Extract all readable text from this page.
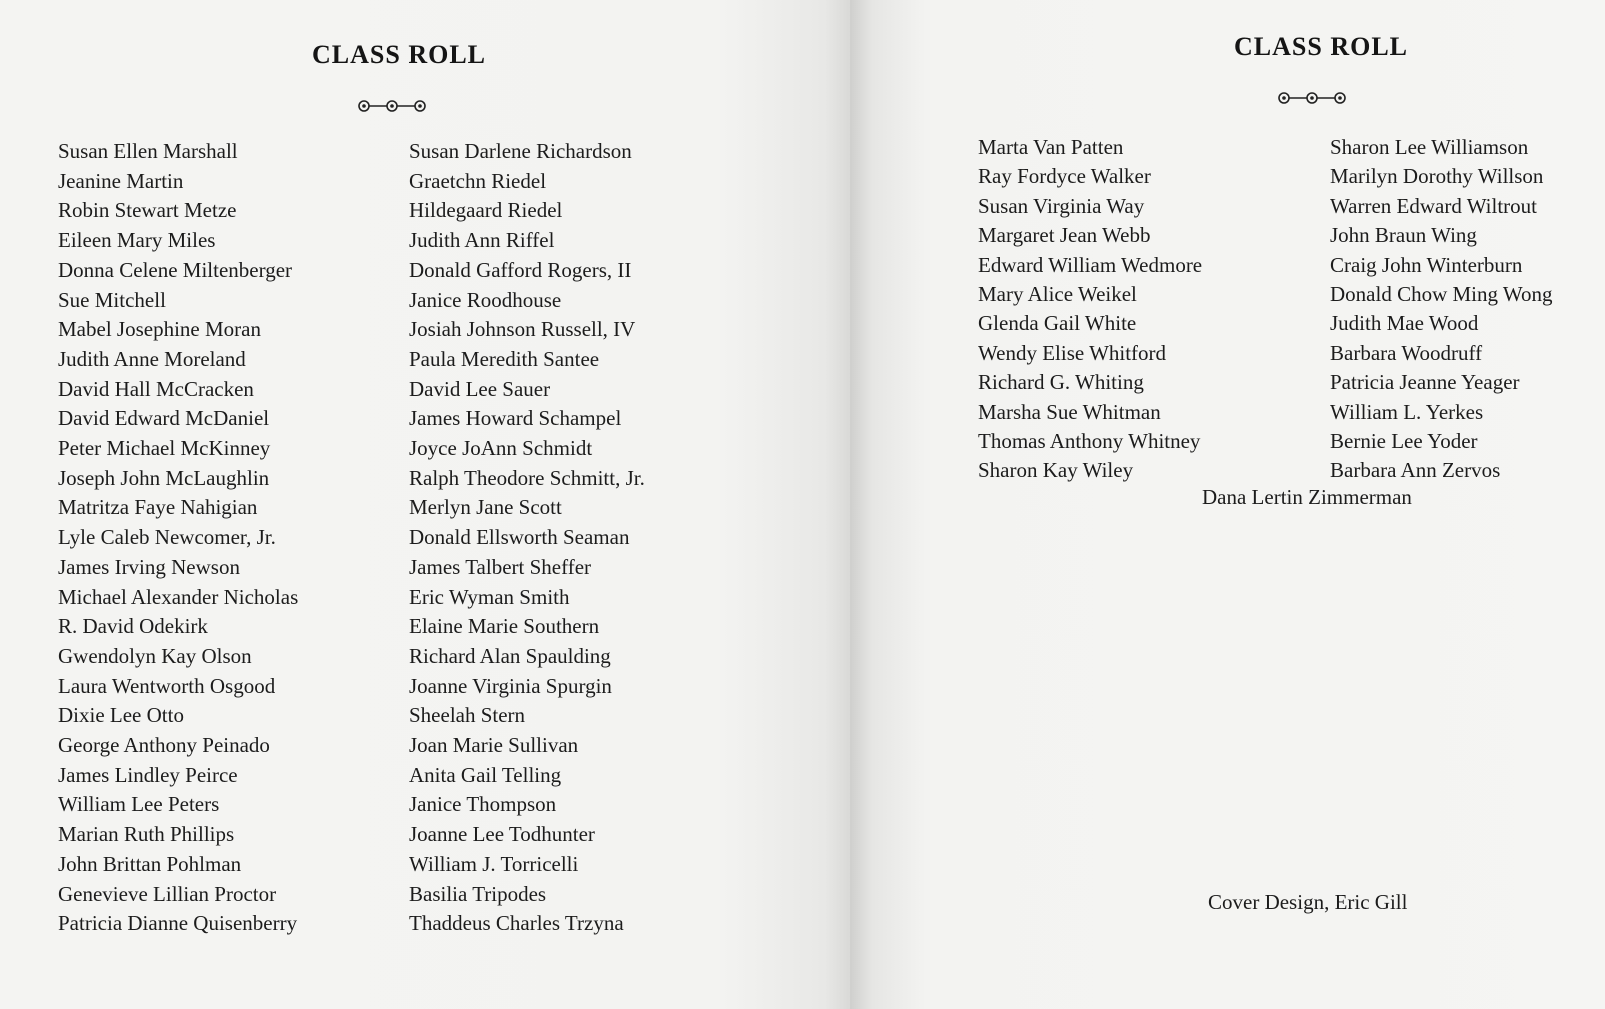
CLASS ROLL
Susan Ellen Marshall
Jeanine Martin
Robin Stewart Metze
Eileen Mary Miles
Donna Celene Miltenberger
Sue Mitchell
Mabel Josephine Moran
Judith Anne Moreland
David Hall McCracken
David Edward McDaniel
Peter Michael McKinney
Joseph John McLaughlin
Matritza Faye Nahigian
Lyle Caleb Newcomer, Jr.
James Irving Newson
Michael Alexander Nicholas
R. David Odekirk
Gwendolyn Kay Olson
Laura Wentworth Osgood
Dixie Lee Otto
George Anthony Peinado
James Lindley Peirce
William Lee Peters
Marian Ruth Phillips
John Brittan Pohlman
Genevieve Lillian Proctor
Patricia Dianne Quisenberry
Susan Darlene Richardson
Graetchn Riedel
Hildegaard Riedel
Judith Ann Riffel
Donald Gafford Rogers, II
Janice Roodhouse
Josiah Johnson Russell, IV
Paula Meredith Santee
David Lee Sauer
James Howard Schampel
Joyce JoAnn Schmidt
Ralph Theodore Schmitt, Jr.
Merlyn Jane Scott
Donald Ellsworth Seaman
James Talbert Sheffer
Eric Wyman Smith
Elaine Marie Southern
Richard Alan Spaulding
Joanne Virginia Spurgin
Sheelah Stern
Joan Marie Sullivan
Anita Gail Telling
Janice Thompson
Joanne Lee Todhunter
William J. Torricelli
Basilia Tripodes
Thaddeus Charles Trzyna
CLASS ROLL
Marta Van Patten
Ray Fordyce Walker
Susan Virginia Way
Margaret Jean Webb
Edward William Wedmore
Mary Alice Weikel
Glenda Gail White
Wendy Elise Whitford
Richard G. Whiting
Marsha Sue Whitman
Thomas Anthony Whitney
Sharon Kay Wiley
Sharon Lee Williamson
Marilyn Dorothy Willson
Warren Edward Wiltrout
John Braun Wing
Craig John Winterburn
Donald Chow Ming Wong
Judith Mae Wood
Barbara Woodruff
Patricia Jeanne Yeager
William L. Yerkes
Bernie Lee Yoder
Barbara Ann Zervos
Dana Lertin Zimmerman
Cover Design, Eric Gill
